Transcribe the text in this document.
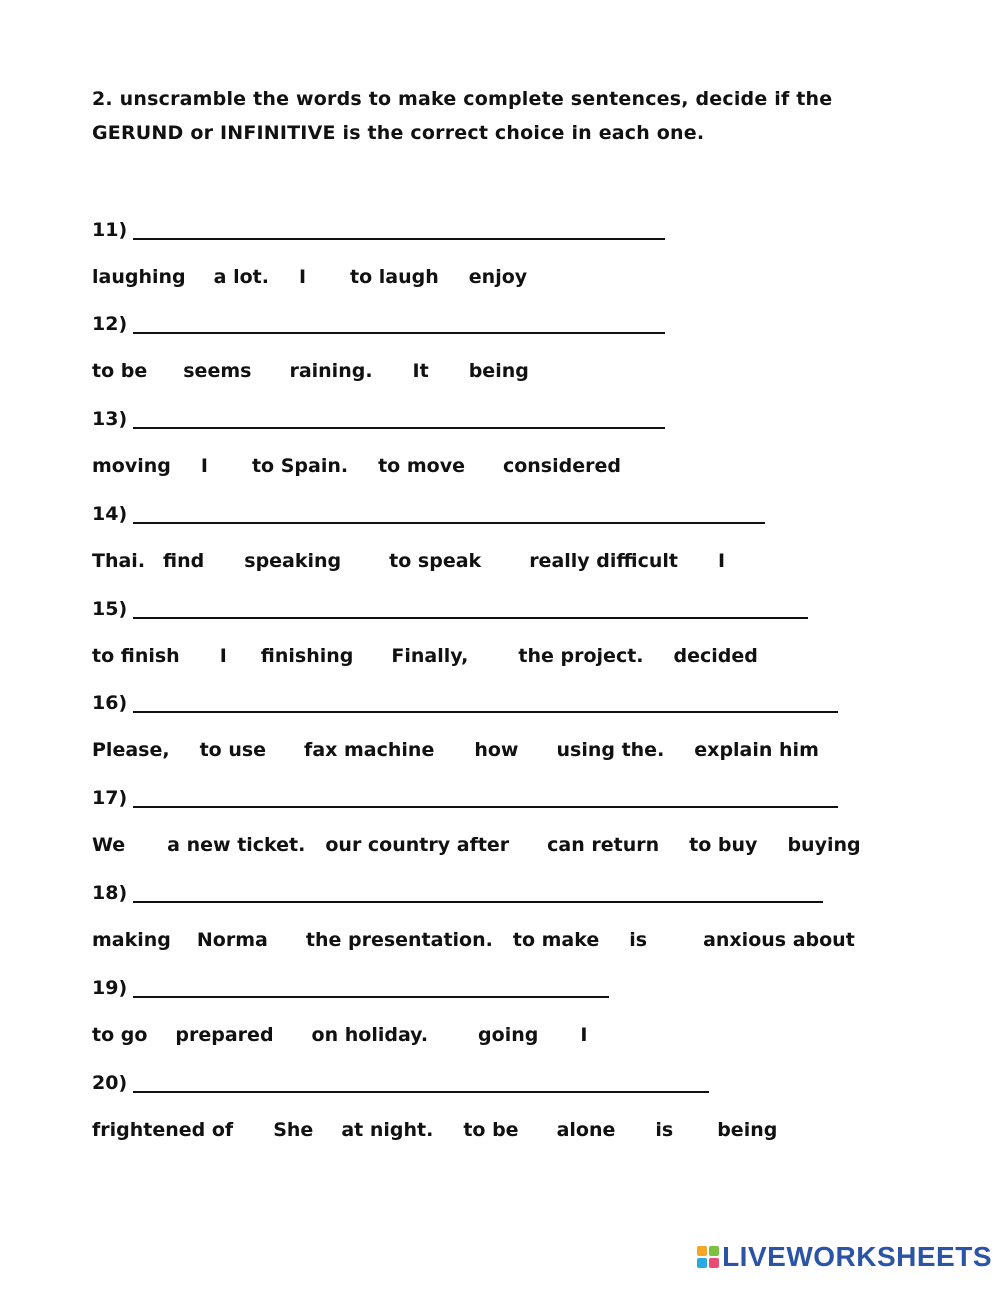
2. unscramble the words to make complete sentences, decide if the

GERUND or INFINITIVE is the correct choice in each one.

11)
laughing a lot. I to laugh enjoy
12)
to be seems raining. It being
13)
moving I to Spain. to move considered
14)
Thai. find speaking	to speak	really difficult I
15)
to finish I finishing Finally,	the project. decided
16)
Please, to use fax machine how using the. explain him
17)
We a new ticket. our country after can return to buy buying
18)
making Norma the presentation. to make is	anxious about
19)
to go prepared on holiday.	going I
20)
frightened of She at night. to be alone is being
LIVEWORKSHEETS
